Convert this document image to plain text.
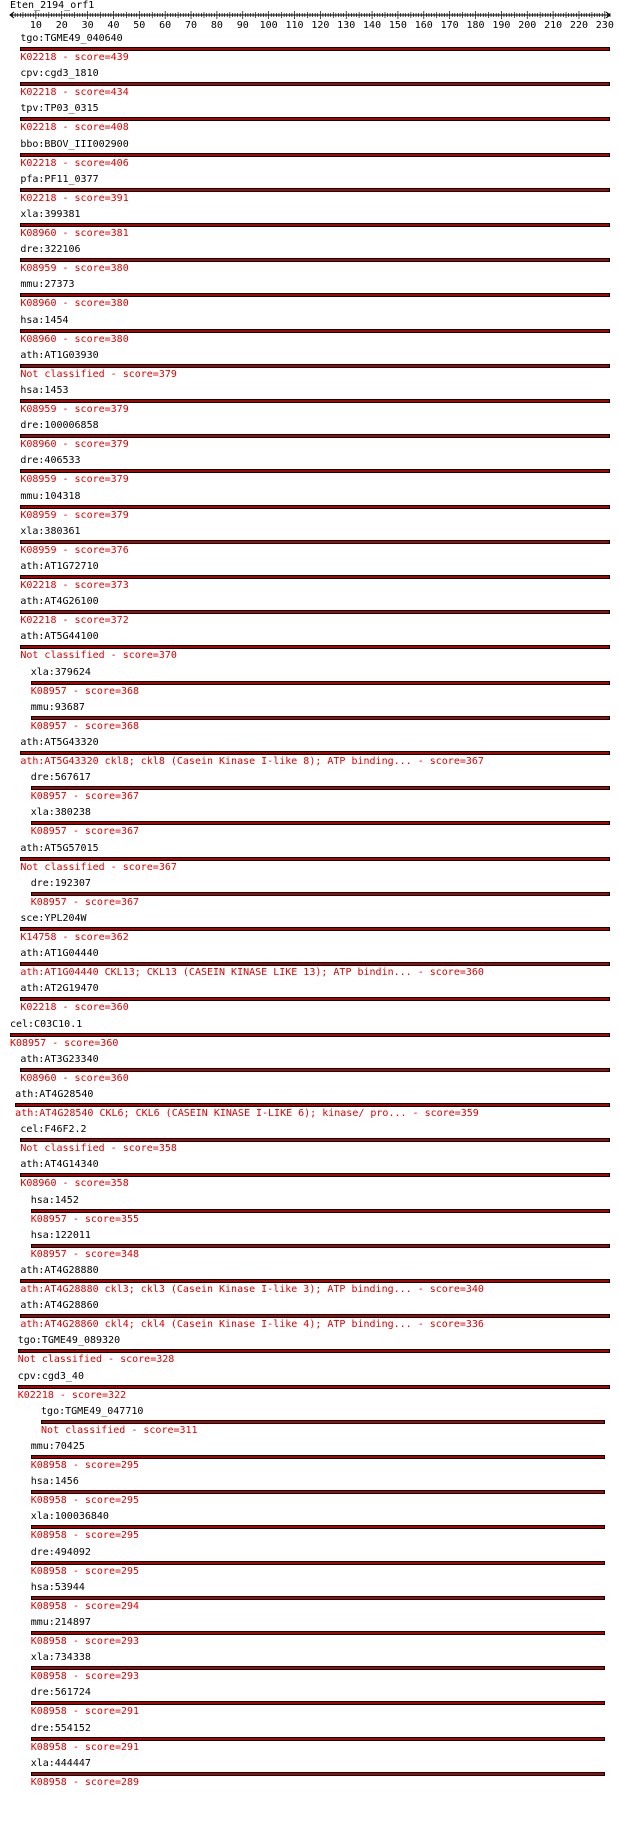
Eten_2194_orf1
10 20 30 40 50 60 70 80 90 100 110 120 130 140 150 160 170 180 190 200 210 220 230
tgo:TGME49_040640
K02218 - score=439
cpv:cgd3_1810
K02218 - score=434
tpv:TP03_0315
K02218 - score=408
bbo:BBOV_III002900
K02218 - score=406
pfa:PF11_0377
K02218 - score=391
xla:399381
K08960 - score=381
dre:322106
K08959 - score=380
mmu:27373
K08960 - score=380
hsa:1454
K08960 - score=380
ath:AT1G03930
Not classified - score=379
hsa:1453
K08959 - score=379
dre:100006858
K08960 - score=379
dre:406533
K08959 - score=379
mmu:104318
K08959 - score=379
xla:380361
K08959 - score=376
ath:AT1G72710
K02218 - score=373
ath:AT4G26100
K02218 - score=372
ath:AT5G44100
Not classified - score=370
xla:379624
K08957 - score=368
mmu:93687
K08957 - score=368
ath:AT5G43320
ath:AT5G43320 ckl8; ckl8 (Casein Kinase I-like 8); ATP binding... - score=367
dre:567617
K08957 - score=367
xla:380238
K08957 - score=367
ath:AT5G57015
Not classified - score=367
dre:192307
K08957 - score=367
sce:YPL204W
K14758 - score=362
ath:AT1G04440
ath:AT1G04440 CKL13; CKL13 (CASEIN KINASE LIKE 13); ATP bindin... - score=360
ath:AT2G19470
K02218 - score=360
cel:C03C10.1
K08957 - score=360
ath:AT3G23340
K08960 - score=360
ath:AT4G28540
ath:AT4G28540 CKL6; CKL6 (CASEIN KINASE I-LIKE 6); kinase/ pro... - score=359
cel:F46F2.2
Not classified - score=358
ath:AT4G14340
K08960 - score=358
hsa:1452
K08957 - score=355
hsa:122011
K08957 - score=348
ath:AT4G28880
ath:AT4G28880 ckl3; ckl3 (Casein Kinase I-like 3); ATP binding... - score=340
ath:AT4G28860
ath:AT4G28860 ckl4; ckl4 (Casein Kinase I-like 4); ATP binding... - score=336
tgo:TGME49_089320
Not classified - score=328
cpv:cgd3_40
K02218 - score=322
tgo:TGME49_047710
Not classified - score=311
mmu:70425
K08958 - score=295
hsa:1456
K08958 - score=295
xla:100036840
K08958 - score=295
dre:494092
K08958 - score=295
hsa:53944
K08958 - score=294
mmu:214897
K08958 - score=293
xla:734338
K08958 - score=293
dre:561724
K08958 - score=291
dre:554152
K08958 - score=291
xla:444447
K08958 - score=289
